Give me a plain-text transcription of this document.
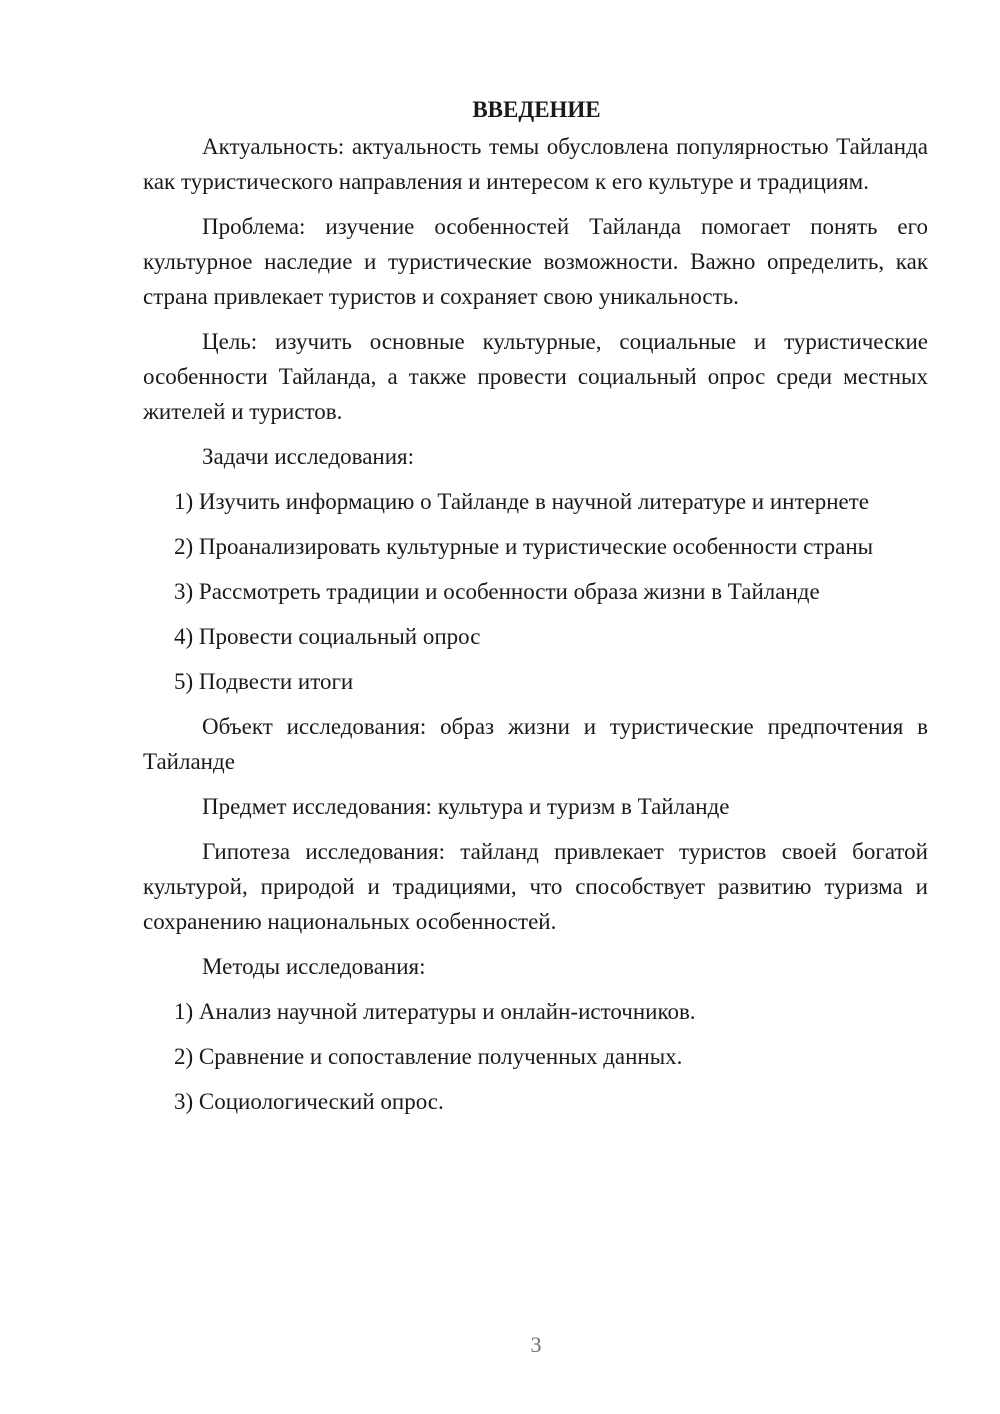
ВВЕДЕНИЕ

Актуальность: актуальность темы обусловлена популярностью Тайланда как туристического направления и интересом к его культуре и традициям.

Проблема: изучение особенностей Тайланда помогает понять его культурное наследие и туристические возможности. Важно определить, как страна привлекает туристов и сохраняет свою уникальность.

Цель: изучить основные культурные, социальные и туристические особенности Тайланда, а также провести социальный опрос среди местных жителей и туристов.

Задачи исследования:

1) Изучить информацию о Тайланде в научной литературе и интернете

2) Проанализировать культурные и туристические особенности страны

3) Рассмотреть традиции и особенности образа жизни в Тайланде

4) Провести социальный опрос

5) Подвести итоги

Объект исследования: образ жизни и туристические предпочтения в Тайланде

Предмет исследования: культура и туризм в Тайланде

Гипотеза исследования: тайланд привлекает туристов своей богатой культурой, природой и традициями, что способствует развитию туризма и сохранению национальных особенностей.

Методы исследования:

1) Анализ научной литературы и онлайн-источников.

2) Сравнение и сопоставление полученных данных.

3) Социологический опрос.

3
